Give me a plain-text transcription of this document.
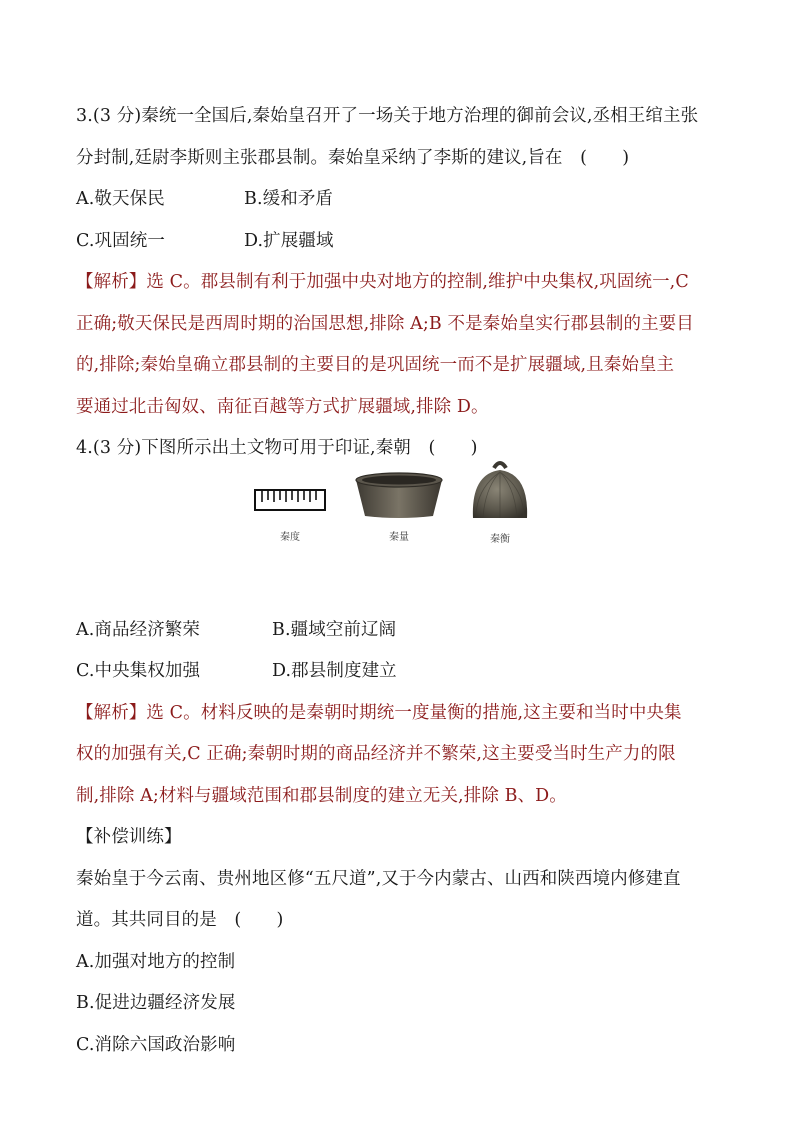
3.(3 分)秦统一全国后,秦始皇召开了一场关于地方治理的御前会议,丞相王绾主张
分封制,廷尉李斯则主张郡县制。秦始皇采纳了李斯的建议,旨在　(　　)
A.敬天保民	B.缓和矛盾
C.巩固统一	D.扩展疆域
【解析】选 C。郡县制有利于加强中央对地方的控制,维护中央集权,巩固统一,C
正确;敬天保民是西周时期的治国思想,排除 A;B 不是秦始皇实行郡县制的主要目
的,排除;秦始皇确立郡县制的主要目的是巩固统一而不是扩展疆域,且秦始皇主
要通过北击匈奴、南征百越等方式扩展疆域,排除 D。
4.(3 分)下图所示出土文物可用于印证,秦朝　(　　)
秦度	秦量	秦衡
A.商品经济繁荣	B.疆域空前辽阔
C.中央集权加强	D.郡县制度建立
【解析】选 C。材料反映的是秦朝时期统一度量衡的措施,这主要和当时中央集
权的加强有关,C 正确;秦朝时期的商品经济并不繁荣,这主要受当时生产力的限
制,排除 A;材料与疆域范围和郡县制度的建立无关,排除 B、D。
【补偿训练】
秦始皇于今云南、贵州地区修“五尺道”,又于今内蒙古、山西和陕西境内修建直
道。其共同目的是　(　　)
A.加强对地方的控制
B.促进边疆经济发展
C.消除六国政治影响
